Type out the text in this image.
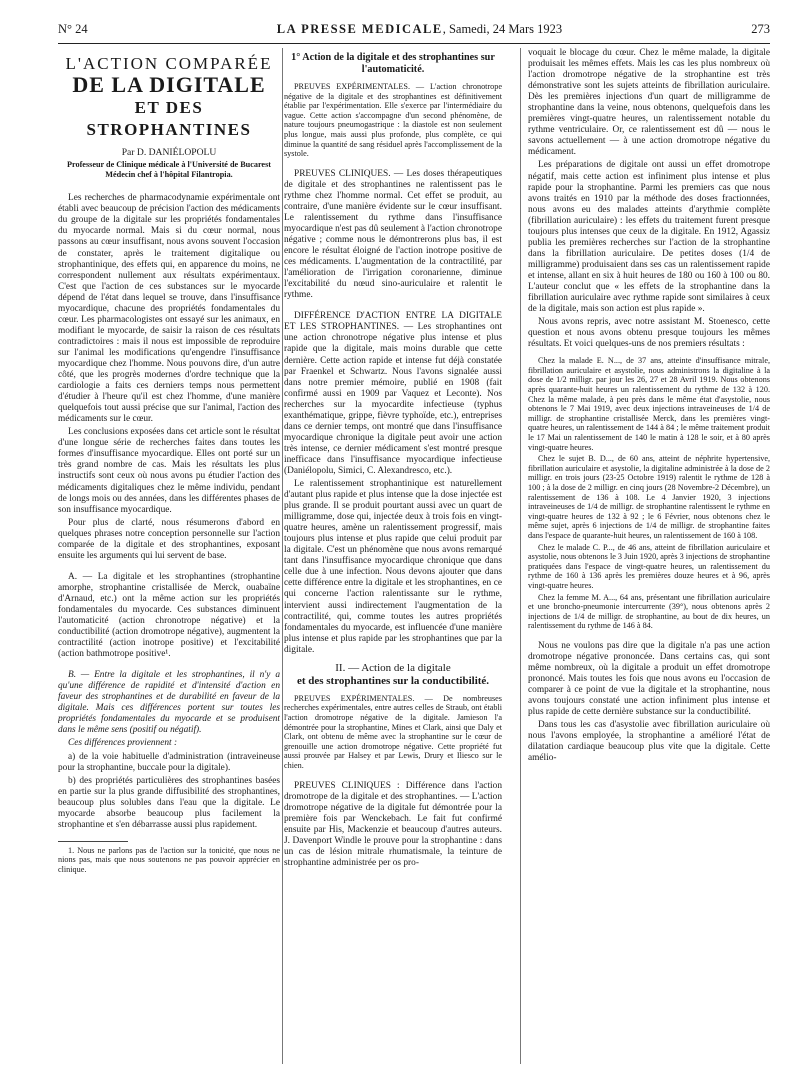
N° 24	LA PRESSE MEDICALE, Samedi, 24 Mars 1923	273
L'ACTION COMPARÉE
DE LA DIGITALE
ET DES STROPHANTINES
Par D. DANIÉLOPOLU
Professeur de Clinique médicale à l'Université de Bucarest Médecin chef à l'hôpital Filantropia.

Les recherches de pharmacodynamie expérimentale ont établi avec beaucoup de précision l'action des médicaments du groupe de la digitale sur les propriétés fondamentales du myocarde normal. Mais si du cœur normal, nous passons au cœur insuffisant, nous avons souvent l'occasion de constater, après le traitement digitalique ou strophantinique, des effets qui, en apparence du moins, ne correspondent nullement aux résultats expérimentaux. C'est que l'action de ces substances sur le myocarde dépend de l'état dans lequel se trouve, dans l'insuffisance myocardique, chacune des propriétés fondamentales du cœur. Les pharmacologistes ont essayé sur les animaux, en modifiant le myocarde, de saisir la raison de ces résultats contradictoires : mais il nous est impossible de reproduire sur l'animal les modifications qu'engendre l'insuffisance myocardique chez l'homme. Nous pouvons dire, d'un autre côté, que les progrès modernes d'ordre technique que la cardiologie a faits ces derniers temps nous permettent d'étudier à l'heure qu'il est chez l'homme, d'une manière quelquefois tout aussi précise que sur l'animal, l'action des médicaments sur le cœur.

Les conclusions exposées dans cet article sont le résultat d'une longue série de recherches faites dans toutes les formes d'insuffisance myocardique. Elles ont porté sur un très grand nombre de cas. Mais les résultats les plus instructifs sont ceux où nous avons pu étudier l'action des médicaments digitaliques chez le même individu, pendant de longs mois ou des années, dans les différentes phases de son insuffisance myocardique.

Pour plus de clarté, nous résumerons d'abord en quelques phrases notre conception personnelle sur l'action comparée de la digitale et des strophantines, exposant ensuite les arguments qui lui servent de base.

A. — La digitale et les strophantines (strophantine amorphe, strophantine cristallisée de Merck, ouabaïne d'Arnaud, etc.) ont la même action sur les propriétés fondamentales du myocarde. Ces substances diminuent l'automaticité (action chronotrope négative) et la conductibilité (action dromotrope négative), augmentent la contractilité (action inotrope positive) et l'excitabilité (action bathmotrope positive¹.

B. — Entre la digitale et les strophantines, il n'y a qu'une différence de rapidité et d'intensité d'action en faveur des strophantines et de durabilité en faveur de la digitale. Mais ces différences portent sur toutes les propriétés fondamentales du myocarde et se produisent dans le même sens (positif ou négatif).

Ces différences proviennent :

a) de la voie habituelle d'administration (intraveineuse pour la strophantine, buccale pour la digitale).

b) des propriétés particulières des strophantines basées en partie sur la plus grande diffusibilité des strophantines, beaucoup plus solubles dans l'eau que la digitale. Le myocarde absorbe beaucoup plus facilement la strophantine et s'en débarrasse aussi plus rapidement.

1. Nous ne parlons pas de l'action sur la tonicité, que nous ne nions pas, mais que nous soutenons ne pas pouvoir apprécier en clinique.

1° Action de la digitale et des strophantines sur l'automaticité.

PREUVES EXPÉRIMENTALES. — L'action chronotrope négative de la digitale et des strophantines est définitivement établie par l'expérimentation. Elle s'exerce par l'intermédiaire du vague. Cette action s'accompagne d'un second phénomène, de nature toujours pneumogastrique : la diastole est non seulement plus longue, mais aussi plus profonde, plus complète, ce qui diminue la quantité de sang résiduel après l'accomplissement de la systole.

PREUVES CLINIQUES. — Les doses thérapeutiques de digitale et des strophantines ne ralentissent pas le rythme chez l'homme normal. Cet effet se produit, au contraire, d'une manière évidente sur le cœur insuffisant. Le ralentissement du rythme dans l'insuffisance myocardique n'est pas dû seulement à l'action chronotrope négative ; comme nous le démontrerons plus bas, il est encore le résultat éloigné de l'action inotrope positive de ces médicaments. L'augmentation de la contractilité, par l'amélioration de l'irrigation coronarienne, diminue l'excitabilité du nœud sino-auriculaire et ralentit le rythme.

DIFFÉRENCE D'ACTION ENTRE LA DIGITALE ET LES STROPHANTINES. — Les strophantines ont une action chronotrope négative plus intense et plus rapide que la digitale, mais moins durable que cette dernière. Cette action rapide et intense fut déjà constatée par Fraenkel et Schwartz. Nous l'avons signalée aussi dans notre premier mémoire, publié en 1908 (fait confirmé aussi en 1909 par Vaquez et Leconte). Nos recherches sur la myocardite infectieuse (typhus exanthématique, grippe, fièvre typhoïde, etc.), entreprises dans ce dernier temps, ont montré que dans l'insuffisance myocardique chronique la digitale peut avoir une action très intense, ce dernier médicament s'est montré presque inefficace dans l'insuffisance myocardique infectieuse (Daniélopolu, Simici, C. Alexandresco, etc.).

Le ralentissement strophantinique est naturellement d'autant plus rapide et plus intense que la dose injectée est plus grande. Il se produit pourtant aussi avec un quart de milligramme, dose qui, injectée deux à trois fois en vingt-quatre heures, amène un ralentissement progressif, mais toujours plus intense et plus rapide que celui produit par la digitale. C'est un phénomène que nous avons remarqué tant dans l'insuffisance myocardique chronique que dans celle due à une infection. Nous devons ajouter que dans cette différence entre la digitale et les strophantines, en ce qui concerne l'action ralentissante sur le rythme, intervient aussi indirectement l'augmentation de la contractilité, qui, comme toutes les autres propriétés fondamentales du myocarde, est influencée d'une manière plus intense et plus rapide par les strophantines que par la digitale.

II. — Action de la digitale
et des strophantines sur la conductibilité.

PREUVES EXPÉRIMENTALES. — De nombreuses recherches expérimentales, entre autres celles de Straub, ont établi l'action dromotrope négative de la digitale. Jamieson l'a démontrée pour la strophantine, Mines et Clark, ainsi que Daly et Clark, ont obtenu de même avec la strophantine sur le cœur de grenouille une action dromotrope négative. Cette propriété fut aussi prouvée par Halsey et par Lewis, Drury et Iliesco sur le chien.

PREUVES CLINIQUES : Différence dans l'action dromotrope de la digitale et des strophantines. — L'action dromotrope négative de la digitale fut démontrée pour la première fois par Wenckebach. Le fait fut confirmé ensuite par His, Mackenzie et beaucoup d'autres auteurs. J. Davenport Windle le prouve pour la strophantine : dans un cas de lésion mitrale rhumatismale, la teinture de strophantine administrée per os pro-

voquait le blocage du cœur. Chez le même malade, la digitale produisait les mêmes effets. Mais les cas les plus nombreux où l'action dromotrope négative de la strophantine est très démonstrative sont les sujets atteints de fibrillation auriculaire. Dès les premières injections d'un quart de milligramme de strophantine dans la veine, nous obtenons, quelquefois dans les premières vingt-quatre heures, un ralentissement notable du rythme ventriculaire. Or, ce ralentissement est dû — nous le savons actuellement — à une action dromotrope négative du médicament.

Les préparations de digitale ont aussi un effet dromotrope négatif, mais cette action est infiniment plus intense et plus rapide pour la strophantine. Parmi les premiers cas que nous avons traités en 1910 par la méthode des doses fractionnées, nous avons eu des malades atteints d'arythmie complète (fibrillation auriculaire) : les effets du traitement furent presque toujours plus intenses que ceux de la digitale. En 1912, Agassiz publia les premières recherches sur l'action de la strophantine dans la fibrillation auriculaire. De petites doses (1/4 de milligramme) produisaient dans ses cas un ralentissement rapide et intense, allant en six à huit heures de 180 ou 160 à 100 ou 80. L'auteur conclut que « les effets de la strophantine dans la fibrillation auriculaire avec rythme rapide sont similaires à ceux de la digitale, mais son action est plus rapide ».

Nous avons repris, avec notre assistant M. Stoenesco, cette question et nous avons obtenu presque toujours les mêmes résultats. Et voici quelques-uns de nos premiers résultats :

Chez la malade E. N..., de 37 ans, atteinte d'insuffisance mitrale, fibrillation auriculaire et asystolie, nous administrons la digitaline à la dose de 1/2 milligr. par jour les 26, 27 et 28 Avril 1919. Nous obtenons après quarante-huit heures un ralentissement du rythme de 132 à 120. Chez la même malade, à peu près dans le même état d'asystolie, nous obtenons le 7 Mai 1919, avec deux injections intraveineuses de 1/4 de milligr. de strophantine cristallisée Merck, dans les premières vingt-quatre heures, un ralentissement de 144 à 84 ; le même traitement produit le 17 Mai un ralentissement de 140 le matin à 128 le soir, et à 80 après vingt-quatre heures.

Chez le sujet B. D..., de 60 ans, atteint de néphrite hypertensive, fibrillation auriculaire et asystolie, la digitaline administrée à la dose de 2 milligr. en trois jours (23-25 Octobre 1919) ralentit le rythme de 128 à 100 ; à la dose de 2 milligr. en cinq jours (28 Novembre-2 Décembre), un ralentissement de 136 à 108. Le 4 Janvier 1920, 3 injections intraveineuses de 1/4 de milligr. de strophantine ralentissent le rythme en vingt-quatre heures de 132 à 92 ; le 6 Février, nous obtenons chez le même sujet, après 6 injections de 1/4 de milligr. de strophantine faites dans l'espace de quarante-huit heures, un ralentissement de 160 à 108.

Chez le malade C. P..., de 46 ans, atteint de fibrillation auriculaire et asystolie, nous obtenons le 3 Juin 1920, après 3 injections de strophantine pratiquées dans l'espace de vingt-quatre heures, un ralentissement du rythme de 160 à 136 après les premières douze heures et à 96, après vingt-quatre heures.

Chez la femme M. A..., 64 ans, présentant une fibrillation auriculaire et une broncho-pneumonie intercurrente (39°), nous obtenons après 2 injections de 1/4 de milligr. de strophantine, au bout de dix heures, un ralentissement du rythme de 146 à 84.

Nous ne voulons pas dire que la digitale n'a pas une action dromotrope négative prononcée. Dans certains cas, qui sont même nombreux, où la digitale a produit un effet dromotrope prononcé. Mais toutes les fois que nous avons eu l'occasion de comparer à ce point de vue la digitale et la strophantine, nous avons toujours constaté une action infiniment plus intense et plus rapide de cette dernière substance sur la conductibilité.

Dans tous les cas d'asystolie avec fibrillation auriculaire où nous l'avons employée, la strophantine a amélioré l'état de dilatation cardiaque beaucoup plus vite que la digitale. Cette amélio-
